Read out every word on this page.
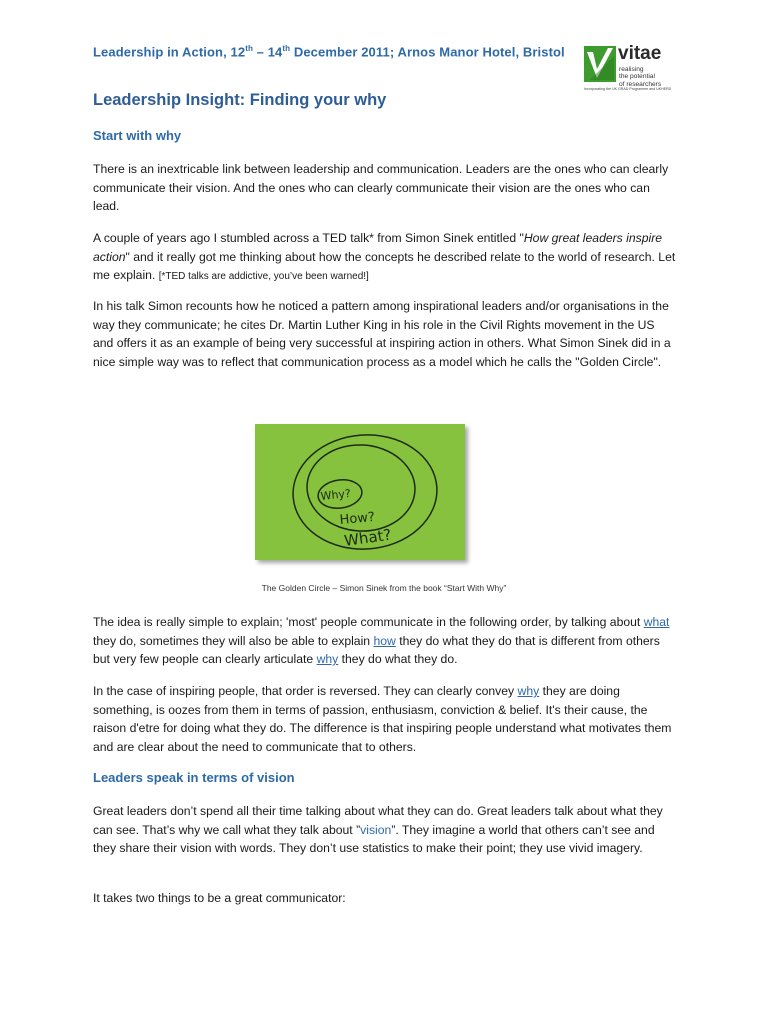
Leadership in Action, 12th – 14th December 2011; Arnos Manor Hotel, Bristol	vitae
realising
the potential
of researchers
Incorporating the UK GRAD Programme and UKHERD
Leadership Insight: Finding your why
Start with why

There is an inextricable link between leadership and communication. Leaders are the ones who can clearly communicate their vision. And the ones who can clearly communicate their vision are the ones who can lead.

A couple of years ago I stumbled across a TED talk* from Simon Sinek entitled "How great leaders inspire action" and it really got me thinking about how the concepts he described relate to the world of research. Let me explain. [*TED talks are addictive, you’ve been warned!]

In his talk Simon recounts how he noticed a pattern among inspirational leaders and/or organisations in the way they communicate; he cites Dr. Martin Luther King in his role in the Civil Rights movement in the US and offers it as an example of being very successful at inspiring action in others. What Simon Sinek did in a nice simple way was to reflect that communication process as a model which he calls the "Golden Circle".

Why?
How?
What?
The Golden Circle – Simon Sinek from the book “Start With Why”

The idea is really simple to explain; 'most' people communicate in the following order, by talking about what they do, sometimes they will also be able to explain how they do what they do that is different from others but very few people can clearly articulate why they do what they do.

In the case of inspiring people, that order is reversed. They can clearly convey why they are doing something, is oozes from them in terms of passion, enthusiasm, conviction & belief. It's their cause, the raison d'etre for doing what they do. The difference is that inspiring people understand what motivates them and are clear about the need to communicate that to others.

Leaders speak in terms of vision

Great leaders don’t spend all their time talking about what they can do. Great leaders talk about what they can see. That’s why we call what they talk about ”vision”. They imagine a world that others can’t see and they share their vision with words. They don’t use statistics to make their point; they use vivid imagery.

It takes two things to be a great communicator:
